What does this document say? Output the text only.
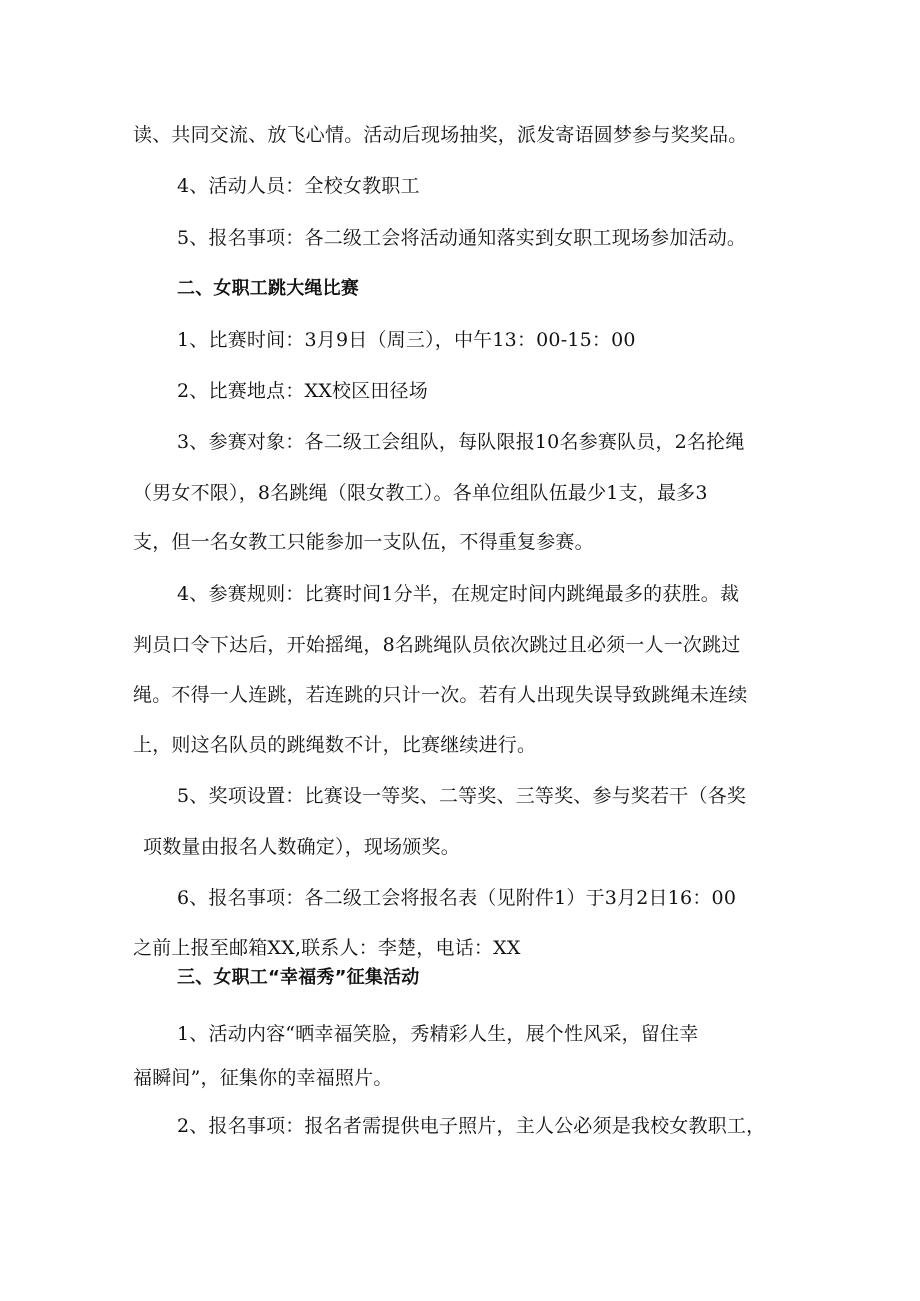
读、共同交流、放飞心情。活动后现场抽奖，派发寄语圆梦参与奖奖品。
4、活动人员：全校女教职工
5、报名事项：各二级工会将活动通知落实到女职工现场参加活动。
二、女职工跳大绳比赛
1、比赛时间：3月9日（周三），中午13：00-15：00
2、比赛地点：XX校区田径场
3、参赛对象：各二级工会组队，每队限报10名参赛队员，2名抡绳
（男女不限），8名跳绳（限女教工）。各单位组队伍最少1支，最多3
支，但一名女教工只能参加一支队伍，不得重复参赛。
4、参赛规则：比赛时间1分半，在规定时间内跳绳最多的获胜。裁
判员口令下达后，开始摇绳，8名跳绳队员依次跳过且必须一人一次跳过
绳。不得一人连跳，若连跳的只计一次。若有人出现失误导致跳绳未连续
上，则这名队员的跳绳数不计，比赛继续进行。
5、奖项设置：比赛设一等奖、二等奖、三等奖、参与奖若干（各奖
项数量由报名人数确定），现场颁奖。
6、报名事项：各二级工会将报名表（见附件1）于3月2日16：00
之前上报至邮箱XX,联系人：李楚，电话：XX
三、女职工“幸福秀”征集活动
1、活动内容“晒幸福笑脸，秀精彩人生，展个性风采，留住幸
福瞬间”，征集你的幸福照片。
2、报名事项：报名者需提供电子照片，主人公必须是我校女教职工，
